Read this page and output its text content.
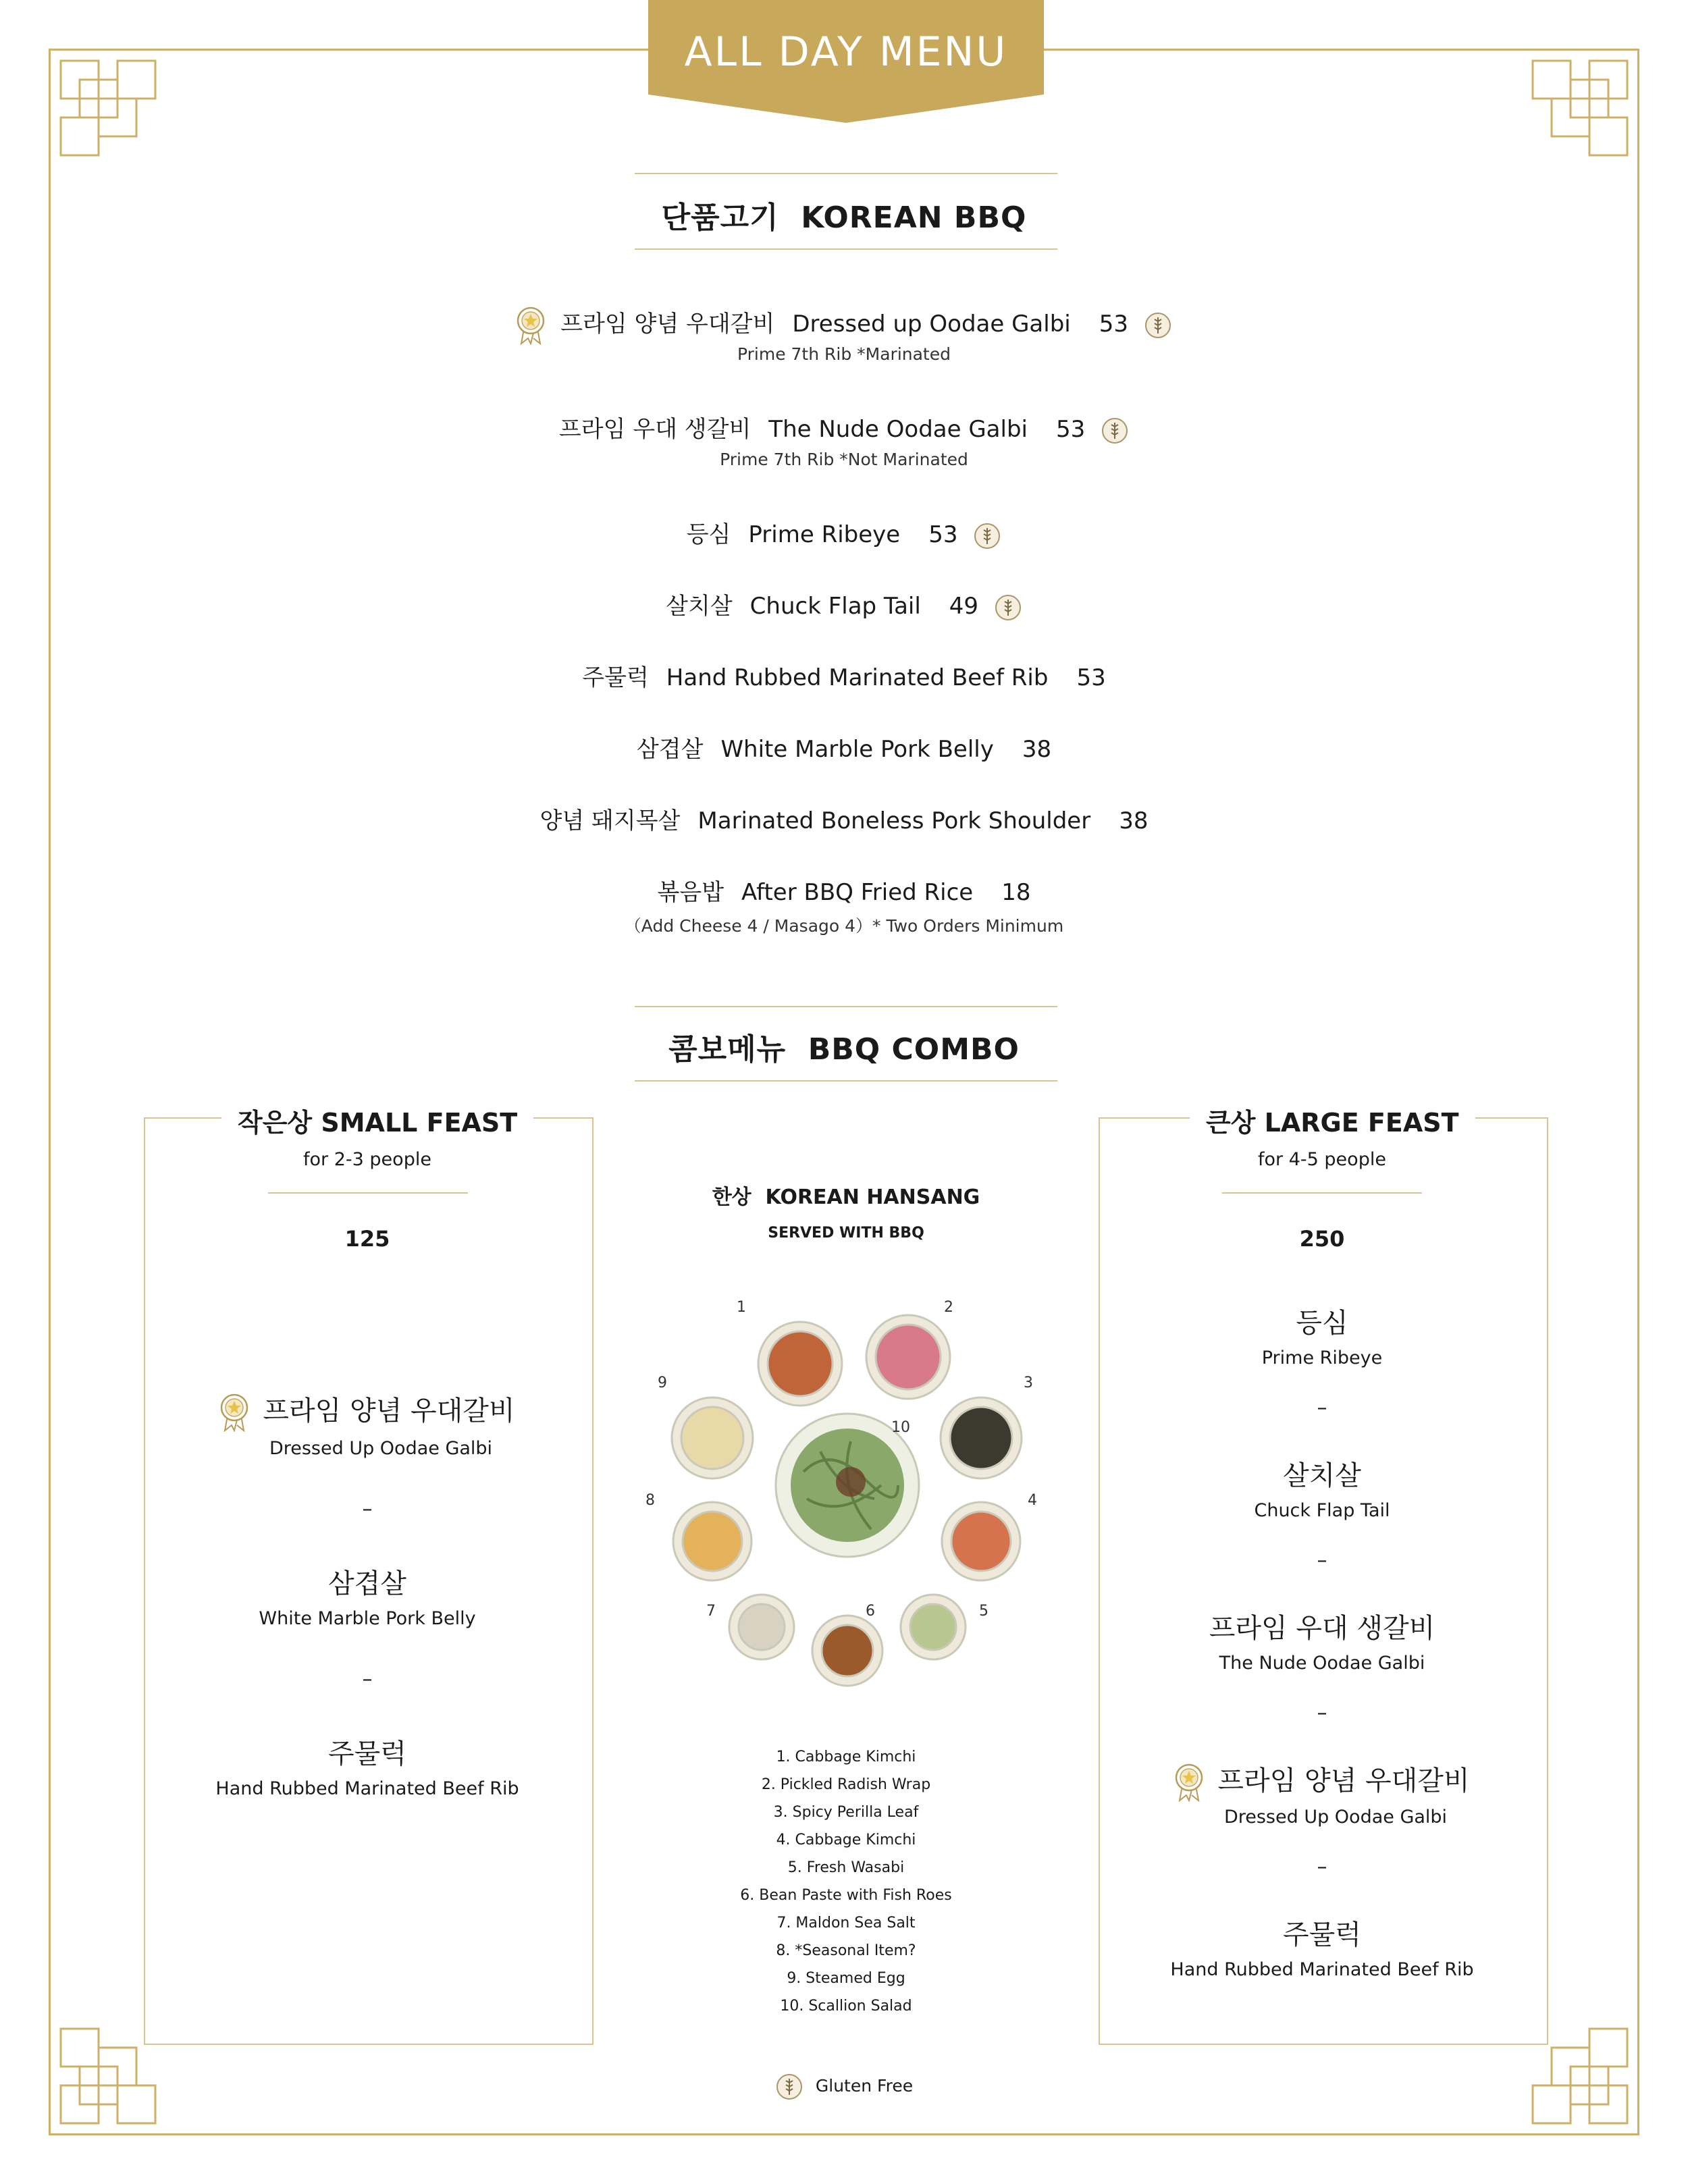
ALL DAY MENU
단품고기 KOREAN BBQ
프라임 양념 우대갈비 Dressed up Oodae Galbi 53
Prime 7th Rib *Marinated
프라임 우대 생갈비 The Nude Oodae Galbi 53
Prime 7th Rib *Not Marinated
등심 Prime Ribeye 53
살치살 Chuck Flap Tail 49
주물럭 Hand Rubbed Marinated Beef Rib 53
삼겹살 White Marble Pork Belly 38
양념 돼지목살 Marinated Boneless Pork Shoulder 38
볶음밥 After BBQ Fried Rice 18
（Add Cheese 4 / Masago 4）* Two Orders Minimum
콤보메뉴 BBQ COMBO
작은상 SMALL FEAST
for 2-3 people
125
프라임 양념 우대갈비
Dressed Up Oodae Galbi
–
삼겹살
White Marble Pork Belly
–
주물럭
Hand Rubbed Marinated Beef Rib
큰상 LARGE FEAST
for 4-5 people
250
등심
Prime Ribeye
–
살치살
Chuck Flap Tail
–
프라임 우대 생갈비
The Nude Oodae Galbi
–
프라임 양념 우대갈비
Dressed Up Oodae Galbi
–
주물럭
Hand Rubbed Marinated Beef Rib
한상 KOREAN HANSANG
SERVED WITH BBQ
1	2
3
4
5
6
7
8
9
10
1. Cabbage Kimchi
2. Pickled Radish Wrap
3. Spicy Perilla Leaf
4. Cabbage Kimchi
5. Fresh Wasabi
6. Bean Paste with Fish Roes
7. Maldon Sea Salt
8. *Seasonal Item?
9. Steamed Egg
10. Scallion Salad
Gluten Free
